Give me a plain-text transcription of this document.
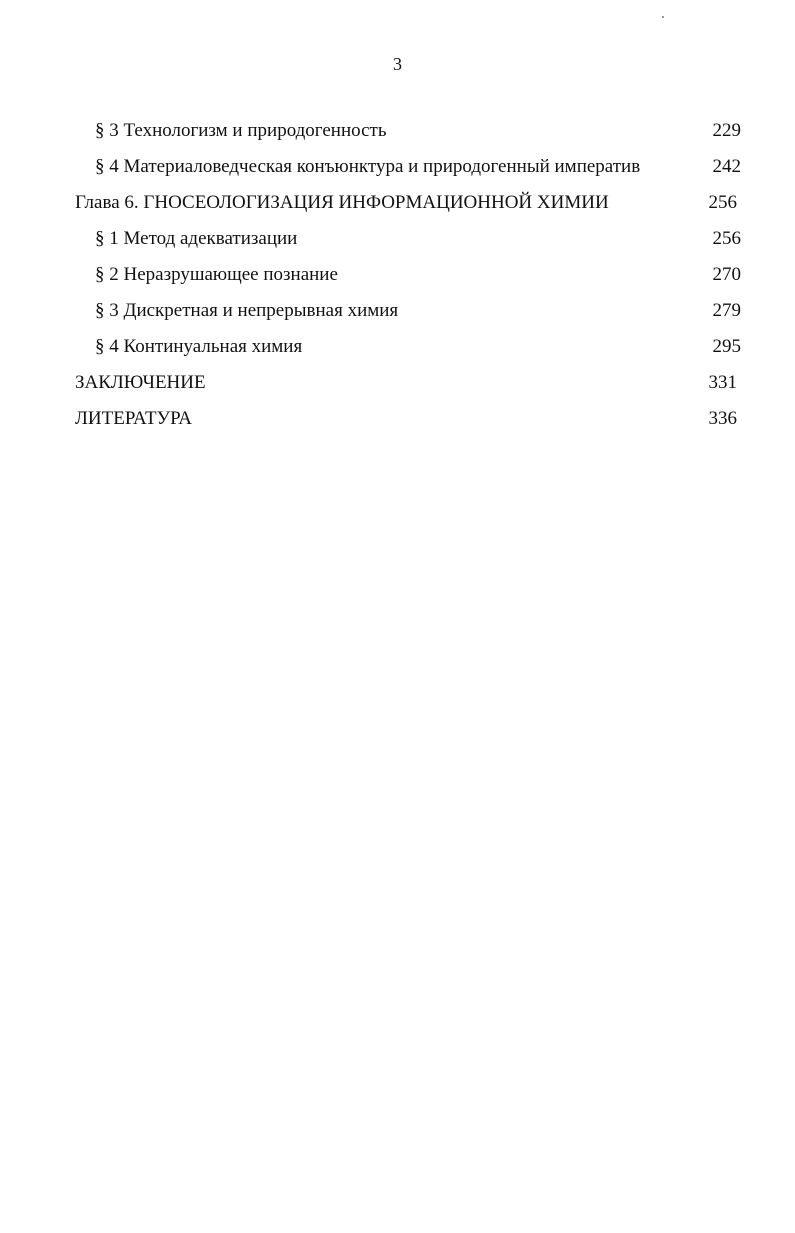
3
§ 3 Технологизм и природогенность	229
§ 4 Материаловедческая конъюнктура и природогенный императив	242
Глава 6. ГНОСЕОЛОГИЗАЦИЯ ИНФОРМАЦИОННОЙ ХИМИИ	256
§ 1 Метод адекватизации	256
§ 2 Неразрушающее познание	270
§ 3 Дискретная и непрерывная химия	279
§ 4 Континуальная химия	295
ЗАКЛЮЧЕНИЕ	331
ЛИТЕРАТУРА	336
